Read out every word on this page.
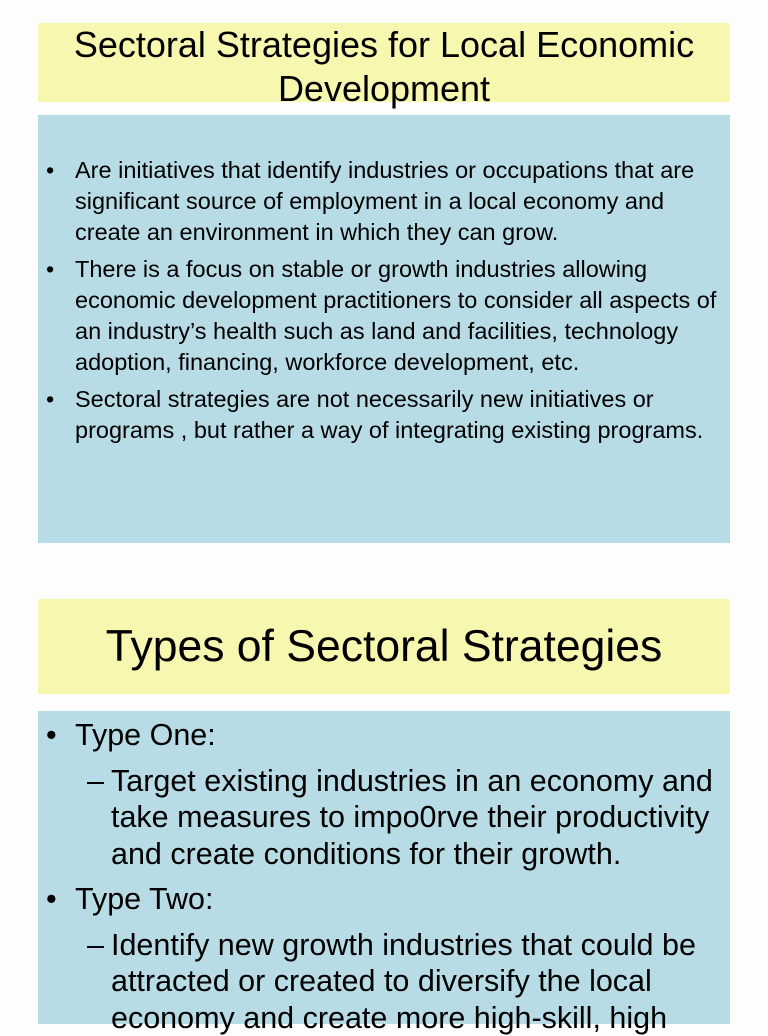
Sectoral Strategies for Local Economic Development
• Are initiatives that identify industries or occupations that are significant source of employment in a local economy and create an environment in which they can grow.
• There is a focus on stable or growth industries allowing economic development practitioners to consider all aspects of an industry’s health such as land and facilities, technology adoption, financing, workforce development, etc.
• Sectoral strategies are not necessarily new initiatives or programs , but rather a way of integrating existing programs.
Types of Sectoral Strategies
• Type One:
– Target existing industries in an economy and take measures to impo0rve their productivity and create conditions for their growth.
• Type Two:
– Identify new growth industries that could be attracted or created to diversify the local economy and create more high-skill, high
